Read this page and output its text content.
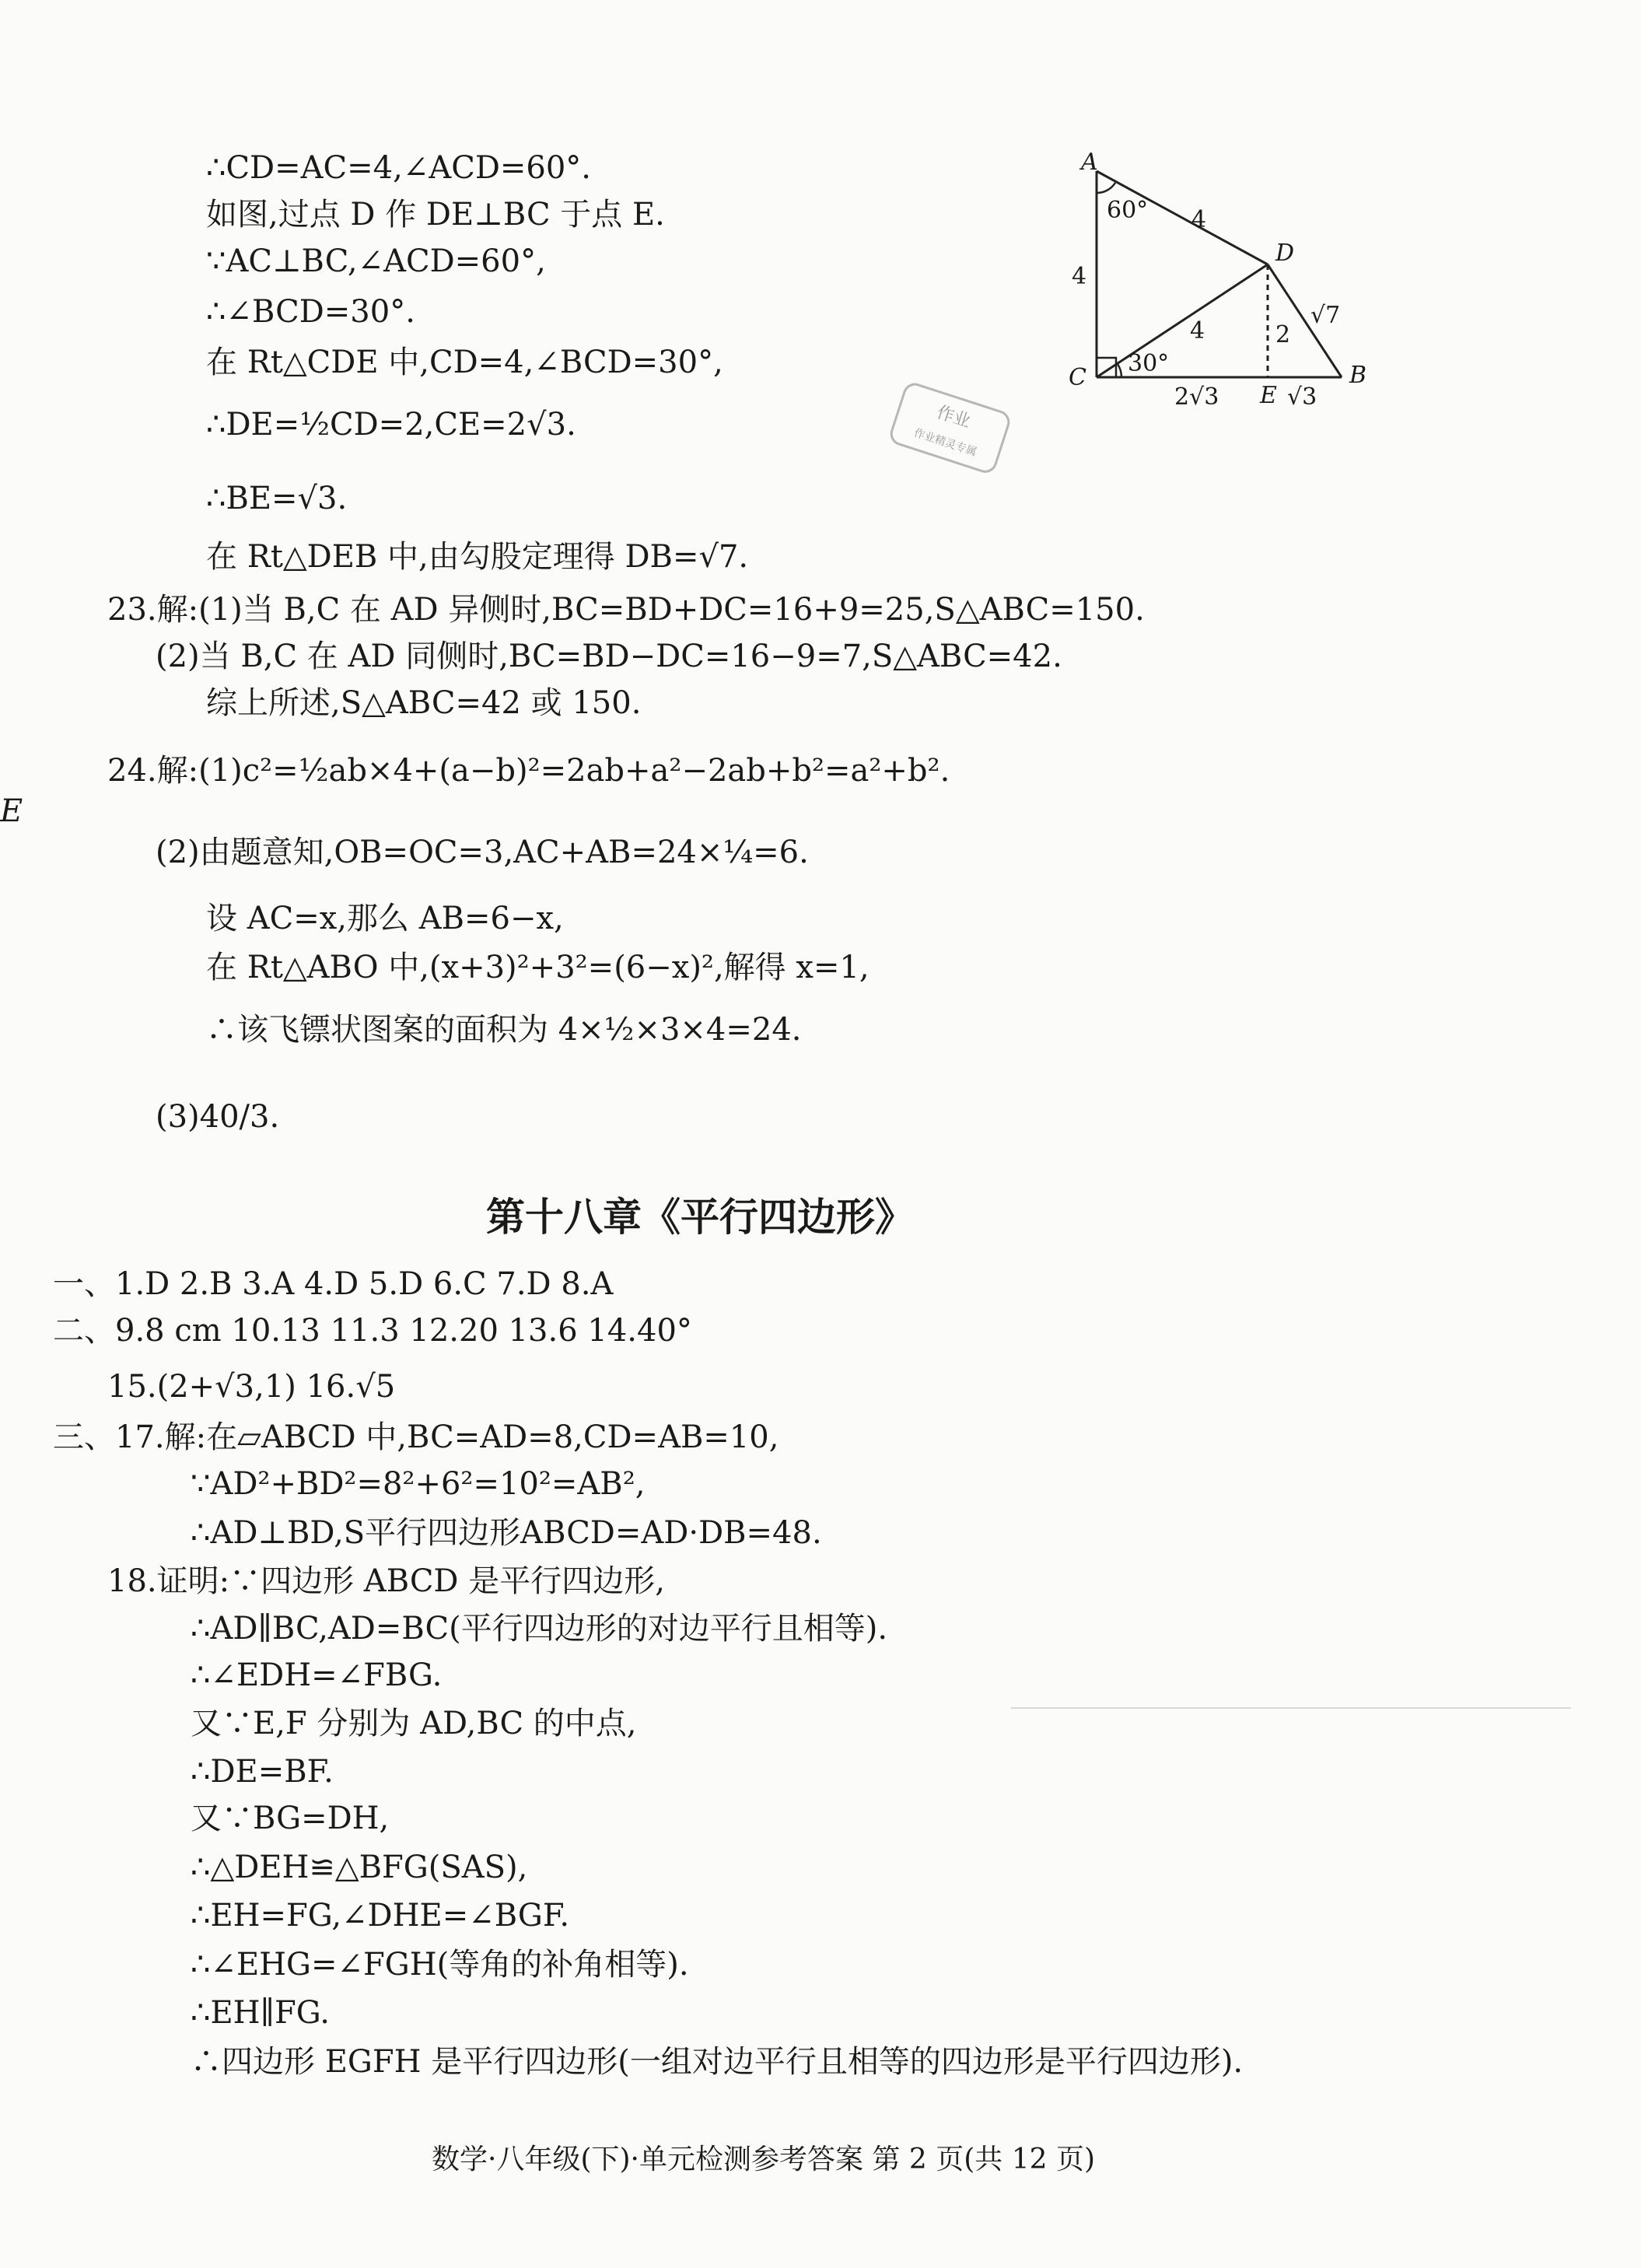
E
∴CD=AC=4,∠ACD=60°.
如图,过点 D 作 DE⊥BC 于点 E.
∵AC⊥BC,∠ACD=60°,
∴∠BCD=30°.
在 Rt△CDE 中,CD=4,∠BCD=30°,
∴DE=½CD=2,CE=2√3.
∴BE=√3.
在 Rt△DEB 中,由勾股定理得 DB=√7.
作业
作业精灵专属
A
B
C
D
E
60° 4
4
4	2
√7
30°
2√3	√3
23.解:(1)当 B,C 在 AD 异侧时,BC=BD+DC=16+9=25,S△ABC=150.
(2)当 B,C 在 AD 同侧时,BC=BD−DC=16−9=7,S△ABC=42.
综上所述,S△ABC=42 或 150.
24.解:(1)c²=½ab×4+(a−b)²=2ab+a²−2ab+b²=a²+b².
(2)由题意知,OB=OC=3,AC+AB=24×¼=6.
设 AC=x,那么 AB=6−x,
在 Rt△ABO 中,(x+3)²+3²=(6−x)²,解得 x=1,
∴该飞镖状图案的面积为 4×½×3×4=24.
(3)40/3.
第十八章《平行四边形》
一、1.D 2.B 3.A 4.D 5.D 6.C 7.D 8.A
二、9.8 cm 10.13 11.3 12.20 13.6 14.40°
15.(2+√3,1) 16.√5
三、17.解:在▱ABCD 中,BC=AD=8,CD=AB=10,
∵AD²+BD²=8²+6²=10²=AB²,
∴AD⊥BD,S平行四边形ABCD=AD·DB=48.
18.证明:∵四边形 ABCD 是平行四边形,
∴AD∥BC,AD=BC(平行四边形的对边平行且相等).
∴∠EDH=∠FBG.
又∵E,F 分别为 AD,BC 的中点,
∴DE=BF.
又∵BG=DH,
∴△DEH≌△BFG(SAS),
∴EH=FG,∠DHE=∠BGF.
∴∠EHG=∠FGH(等角的补角相等).
∴EH∥FG.
∴四边形 EGFH 是平行四边形(一组对边平行且相等的四边形是平行四边形).
数学·八年级(下)·单元检测参考答案 第 2 页(共 12 页)
